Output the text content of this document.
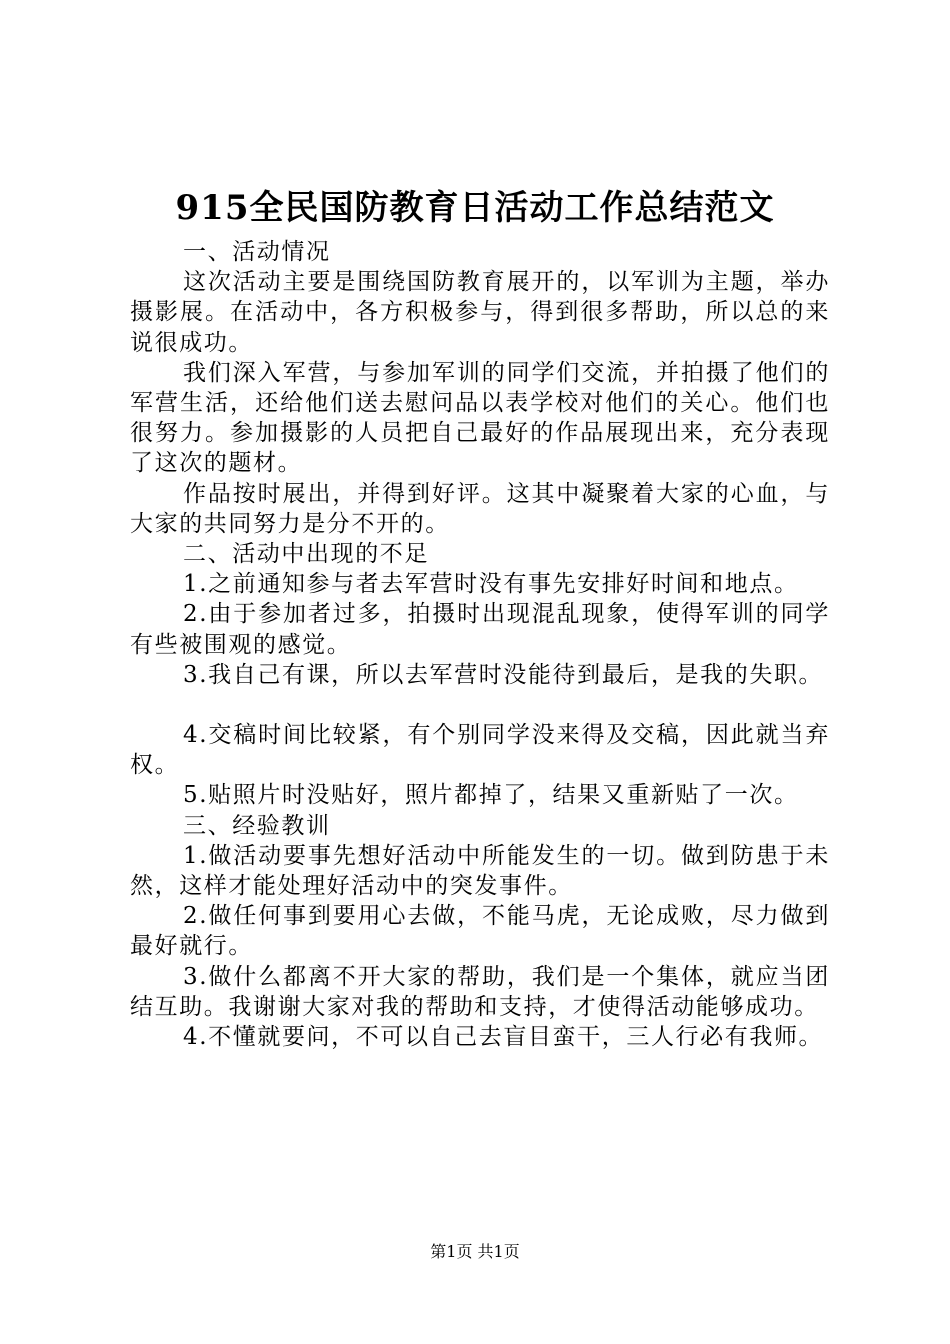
915全民国防教育日活动工作总结范文

一、活动情况

这次活动主要是围绕国防教育展开的，以军训为主题，举办摄影展。在活动中，各方积极参与，得到很多帮助，所以总的来说很成功。

我们深入军营，与参加军训的同学们交流，并拍摄了他们的军营生活，还给他们送去慰问品以表学校对他们的关心。他们也很努力。参加摄影的人员把自己最好的作品展现出来，充分表现了这次的题材。

作品按时展出，并得到好评。这其中凝聚着大家的心血，与大家的共同努力是分不开的。

二、活动中出现的不足

1.之前通知参与者去军营时没有事先安排好时间和地点。

2.由于参加者过多，拍摄时出现混乱现象，使得军训的同学有些被围观的感觉。

3.我自己有课，所以去军营时没能待到最后，是我的失职。

4.交稿时间比较紧，有个别同学没来得及交稿，因此就当弃权。

5.贴照片时没贴好，照片都掉了，结果又重新贴了一次。

三、经验教训

1.做活动要事先想好活动中所能发生的一切。做到防患于未然，这样才能处理好活动中的突发事件。

2.做任何事到要用心去做，不能马虎，无论成败，尽力做到最好就行。

3.做什么都离不开大家的帮助，我们是一个集体，就应当团结互助。我谢谢大家对我的帮助和支持，才使得活动能够成功。

4.不懂就要问，不可以自己去盲目蛮干，三人行必有我师。

第1页 共1页
